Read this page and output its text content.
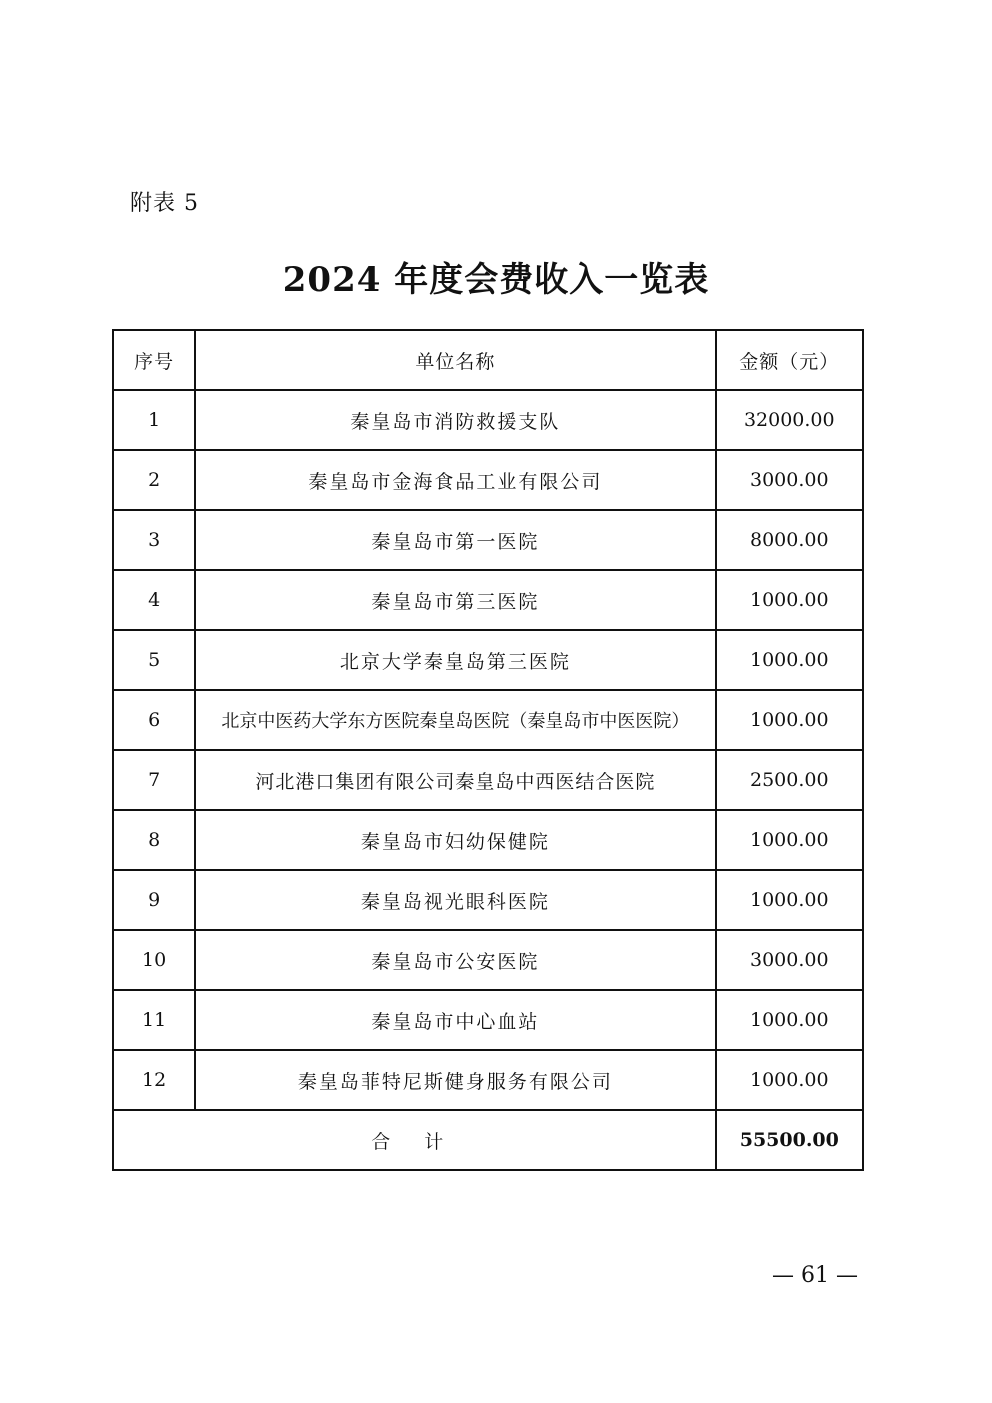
附表 5
2024 年度会费收入一览表
序号	单位名称	金额（元）
1	秦皇岛市消防救援支队	32000.00
2	秦皇岛市金海食品工业有限公司	3000.00
3	秦皇岛市第一医院	8000.00
4	秦皇岛市第三医院	1000.00
5	北京大学秦皇岛第三医院	1000.00
6	北京中医药大学东方医院秦皇岛医院（秦皇岛市中医医院）	1000.00
7	河北港口集团有限公司秦皇岛中西医结合医院	2500.00
8	秦皇岛市妇幼保健院	1000.00
9	秦皇岛视光眼科医院	1000.00
10	秦皇岛市公安医院	3000.00
11	秦皇岛市中心血站	1000.00
12	秦皇岛菲特尼斯健身服务有限公司	1000.00
合 计		55500.00
— 61 —
